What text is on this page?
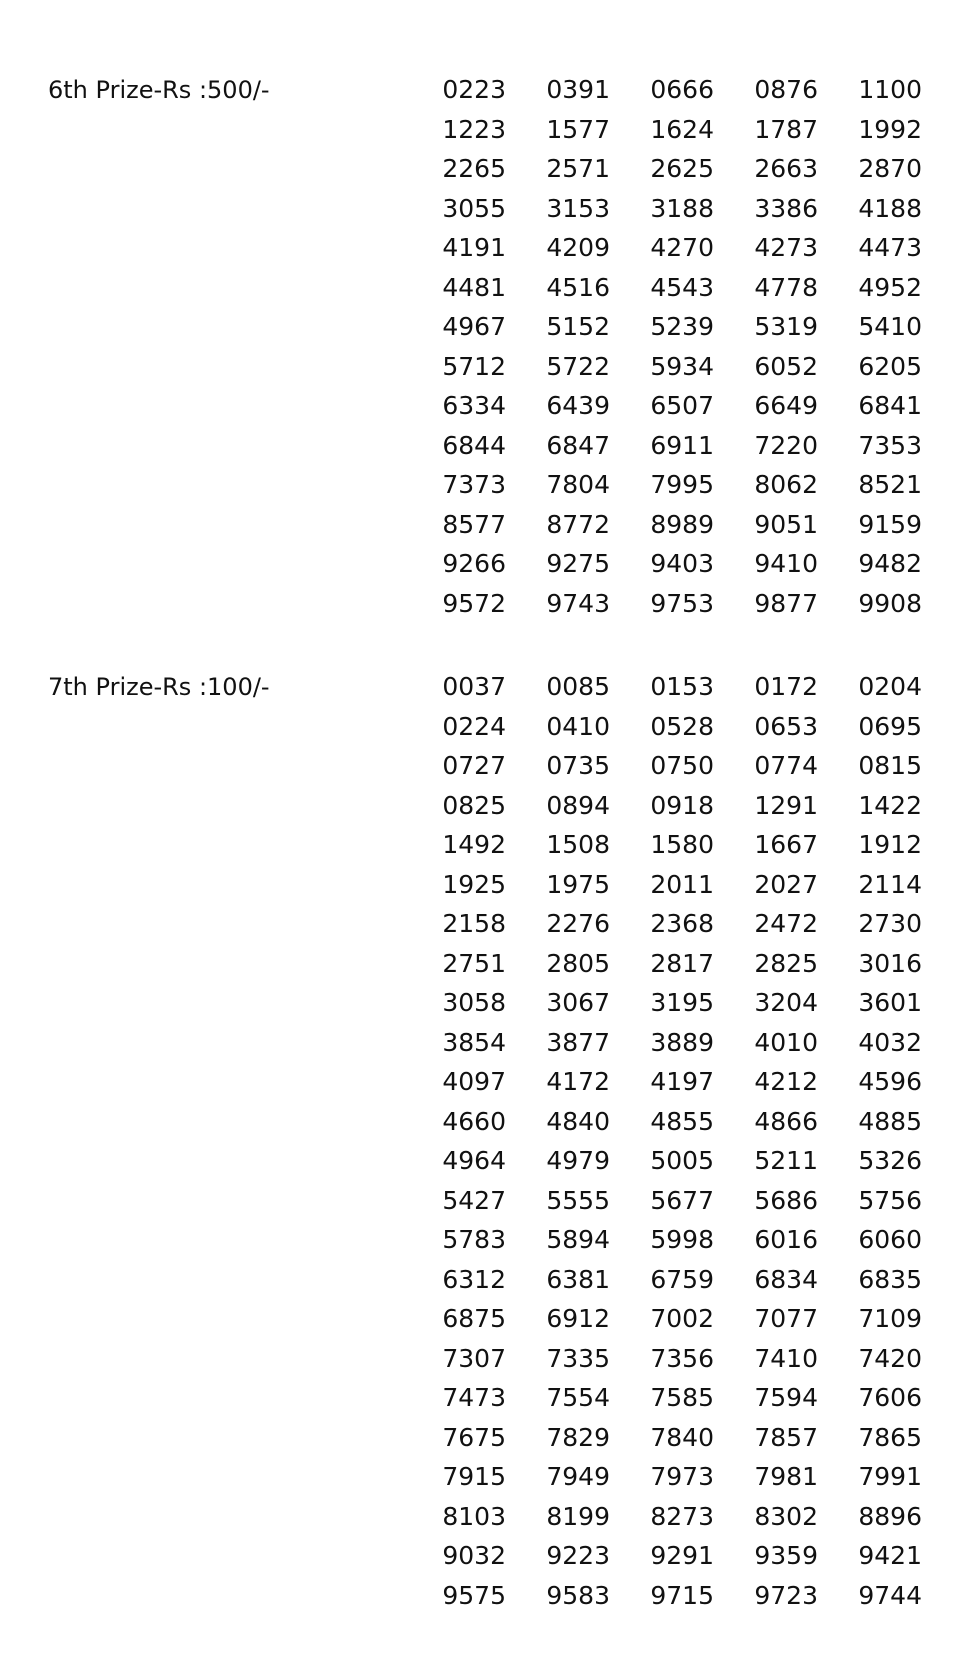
6th Prize-Rs :500/-	0223	0391	0666	0876	1100
1223	1577	1624	1787	1992
2265	2571	2625	2663	2870
3055	3153	3188	3386	4188
4191	4209	4270	4273	4473
4481	4516	4543	4778	4952
4967	5152	5239	5319	5410
5712	5722	5934	6052	6205
6334	6439	6507	6649	6841
6844	6847	6911	7220	7353
7373	7804	7995	8062	8521
8577	8772	8989	9051	9159
9266	9275	9403	9410	9482
9572	9743	9753	9877	9908
7th Prize-Rs :100/-	0037	0085	0153	0172	0204
0224	0410	0528	0653	0695
0727	0735	0750	0774	0815
0825	0894	0918	1291	1422
1492	1508	1580	1667	1912
1925	1975	2011	2027	2114
2158	2276	2368	2472	2730
2751	2805	2817	2825	3016
3058	3067	3195	3204	3601
3854	3877	3889	4010	4032
4097	4172	4197	4212	4596
4660	4840	4855	4866	4885
4964	4979	5005	5211	5326
5427	5555	5677	5686	5756
5783	5894	5998	6016	6060
6312	6381	6759	6834	6835
6875	6912	7002	7077	7109
7307	7335	7356	7410	7420
7473	7554	7585	7594	7606
7675	7829	7840	7857	7865
7915	7949	7973	7981	7991
8103	8199	8273	8302	8896
9032	9223	9291	9359	9421
9575	9583	9715	9723	9744
